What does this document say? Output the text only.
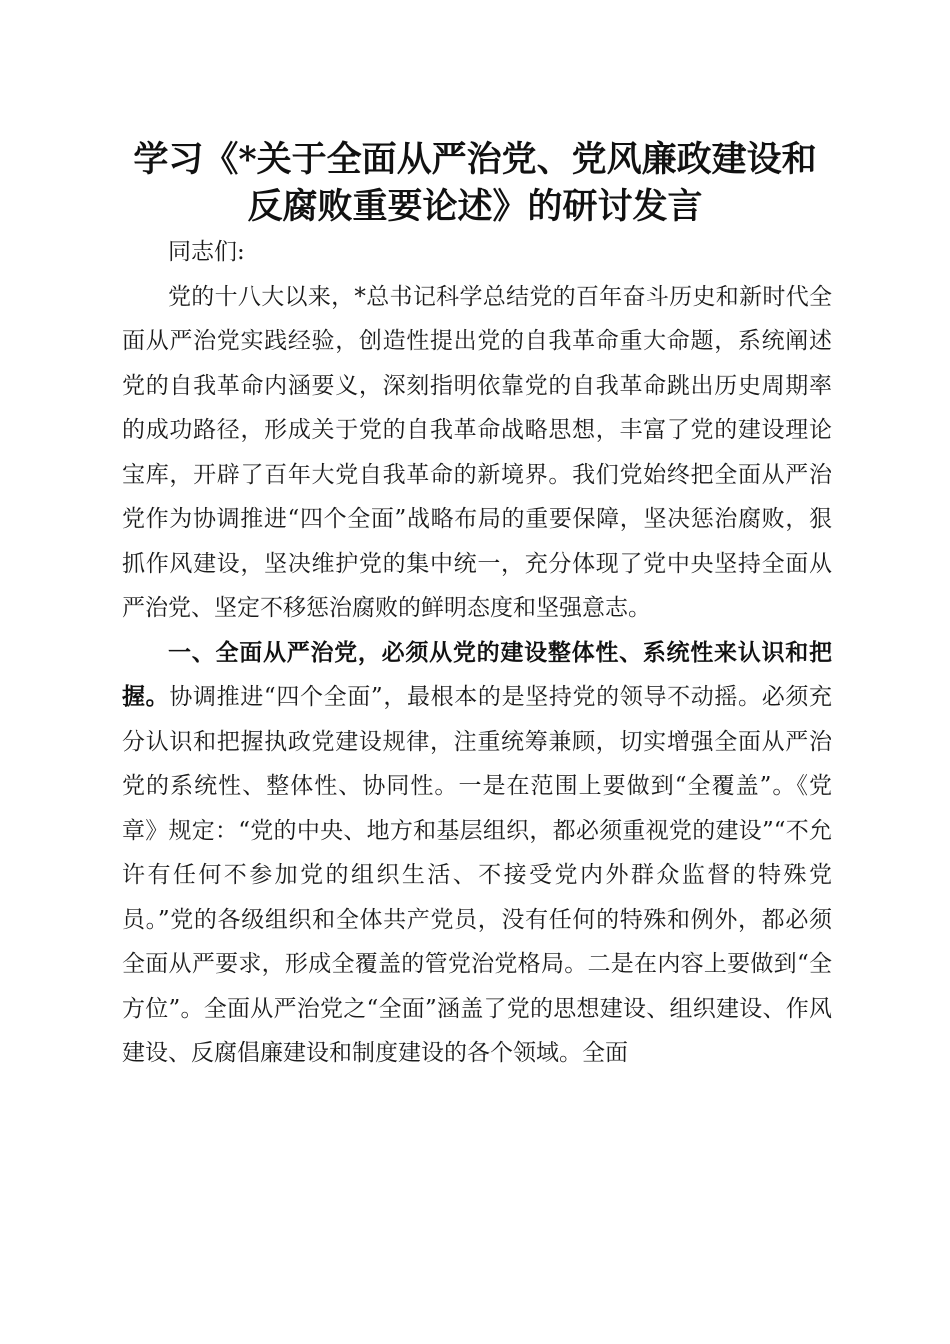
学习《*关于全面从严治党、党风廉政建设和
反腐败重要论述》的研讨发言

同志们:

党的十八大以来，*总书记科学总结党的百年奋斗历史和新时代全面从严治党实践经验，创造性提出党的自我革命重大命题，系统阐述党的自我革命内涵要义，深刻指明依靠党的自我革命跳出历史周期率的成功路径，形成关于党的自我革命战略思想，丰富了党的建设理论宝库，开辟了百年大党自我革命的新境界。我们党始终把全面从严治党作为协调推进“四个全面”战略布局的重要保障，坚决惩治腐败，狠抓作风建设，坚决维护党的集中统一，充分体现了党中央坚持全面从严治党、坚定不移惩治腐败的鲜明态度和坚强意志。

一、全面从严治党，必须从党的建设整体性、系统性来认识和把握。协调推进“四个全面”，最根本的是坚持党的领导不动摇。必须充分认识和把握执政党建设规律，注重统筹兼顾，切实增强全面从严治党的系统性、整体性、协同性。一是在范围上要做到“全覆盖”。《党章》规定：“党的中央、地方和基层组织，都必须重视党的建设”“不允许有任何不参加党的组织生活、不接受党内外群众监督的特殊党员。”党的各级组织和全体共产党员，没有任何的特殊和例外，都必须全面从严要求，形成全覆盖的管党治党格局。二是在内容上要做到“全方位”。全面从严治党之“全面”涵盖了党的思想建设、组织建设、作风建设、反腐倡廉建设和制度建设的各个领域。全面
